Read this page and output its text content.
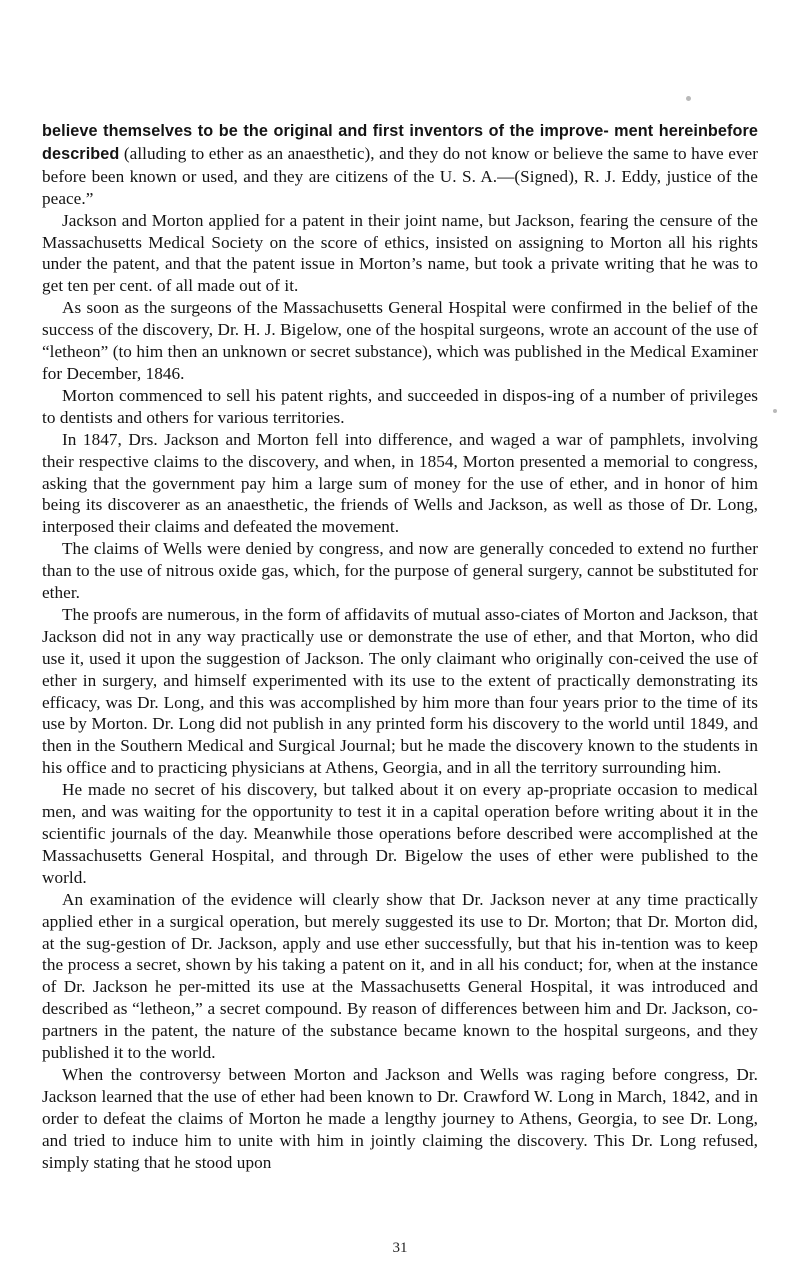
believe themselves to be the original and first inventors of the improve- ment hereinbefore described (alluding to ether as an anaesthetic), and they do not know or believe the same to have ever before been known or used, and they are citizens of the U. S. A.—(Signed), R. J. Eddy, justice of the peace.”

Jackson and Morton applied for a patent in their joint name, but Jackson, fearing the censure of the Massachusetts Medical Society on the score of ethics, insisted on assigning to Morton all his rights under the patent, and that the patent issue in Morton’s name, but took a private writing that he was to get ten per cent. of all made out of it.

As soon as the surgeons of the Massachusetts General Hospital were confirmed in the belief of the success of the discovery, Dr. H. J. Bigelow, one of the hospital surgeons, wrote an account of the use of “letheon” (to him then an unknown or secret substance), which was published in the Medical Examiner for December, 1846.

Morton commenced to sell his patent rights, and succeeded in dispos-ing of a number of privileges to dentists and others for various territories.

In 1847, Drs. Jackson and Morton fell into difference, and waged a war of pamphlets, involving their respective claims to the discovery, and when, in 1854, Morton presented a memorial to congress, asking that the government pay him a large sum of money for the use of ether, and in honor of him being its discoverer as an anaesthetic, the friends of Wells and Jackson, as well as those of Dr. Long, interposed their claims and defeated the movement.

The claims of Wells were denied by congress, and now are generally conceded to extend no further than to the use of nitrous oxide gas, which, for the purpose of general surgery, cannot be substituted for ether.

The proofs are numerous, in the form of affidavits of mutual asso-ciates of Morton and Jackson, that Jackson did not in any way practically use or demonstrate the use of ether, and that Morton, who did use it, used it upon the suggestion of Jackson. The only claimant who originally con-ceived the use of ether in surgery, and himself experimented with its use to the extent of practically demonstrating its efficacy, was Dr. Long, and this was accomplished by him more than four years prior to the time of its use by Morton. Dr. Long did not publish in any printed form his discovery to the world until 1849, and then in the Southern Medical and Surgical Journal; but he made the discovery known to the students in his office and to practicing physicians at Athens, Georgia, and in all the territory surrounding him.

He made no secret of his discovery, but talked about it on every ap-propriate occasion to medical men, and was waiting for the opportunity to test it in a capital operation before writing about it in the scientific journals of the day. Meanwhile those operations before described were accomplished at the Massachusetts General Hospital, and through Dr. Bigelow the uses of ether were published to the world.

An examination of the evidence will clearly show that Dr. Jackson never at any time practically applied ether in a surgical operation, but merely suggested its use to Dr. Morton; that Dr. Morton did, at the sug-gestion of Dr. Jackson, apply and use ether successfully, but that his in-tention was to keep the process a secret, shown by his taking a patent on it, and in all his conduct; for, when at the instance of Dr. Jackson he per-mitted its use at the Massachusetts General Hospital, it was introduced and described as “letheon,” a secret compound. By reason of differences between him and Dr. Jackson, co-partners in the patent, the nature of the substance became known to the hospital surgeons, and they published it to the world.

When the controversy between Morton and Jackson and Wells was raging before congress, Dr. Jackson learned that the use of ether had been known to Dr. Crawford W. Long in March, 1842, and in order to defeat the claims of Morton he made a lengthy journey to Athens, Georgia, to see Dr. Long, and tried to induce him to unite with him in jointly claiming the discovery. This Dr. Long refused, simply stating that he stood upon

31
